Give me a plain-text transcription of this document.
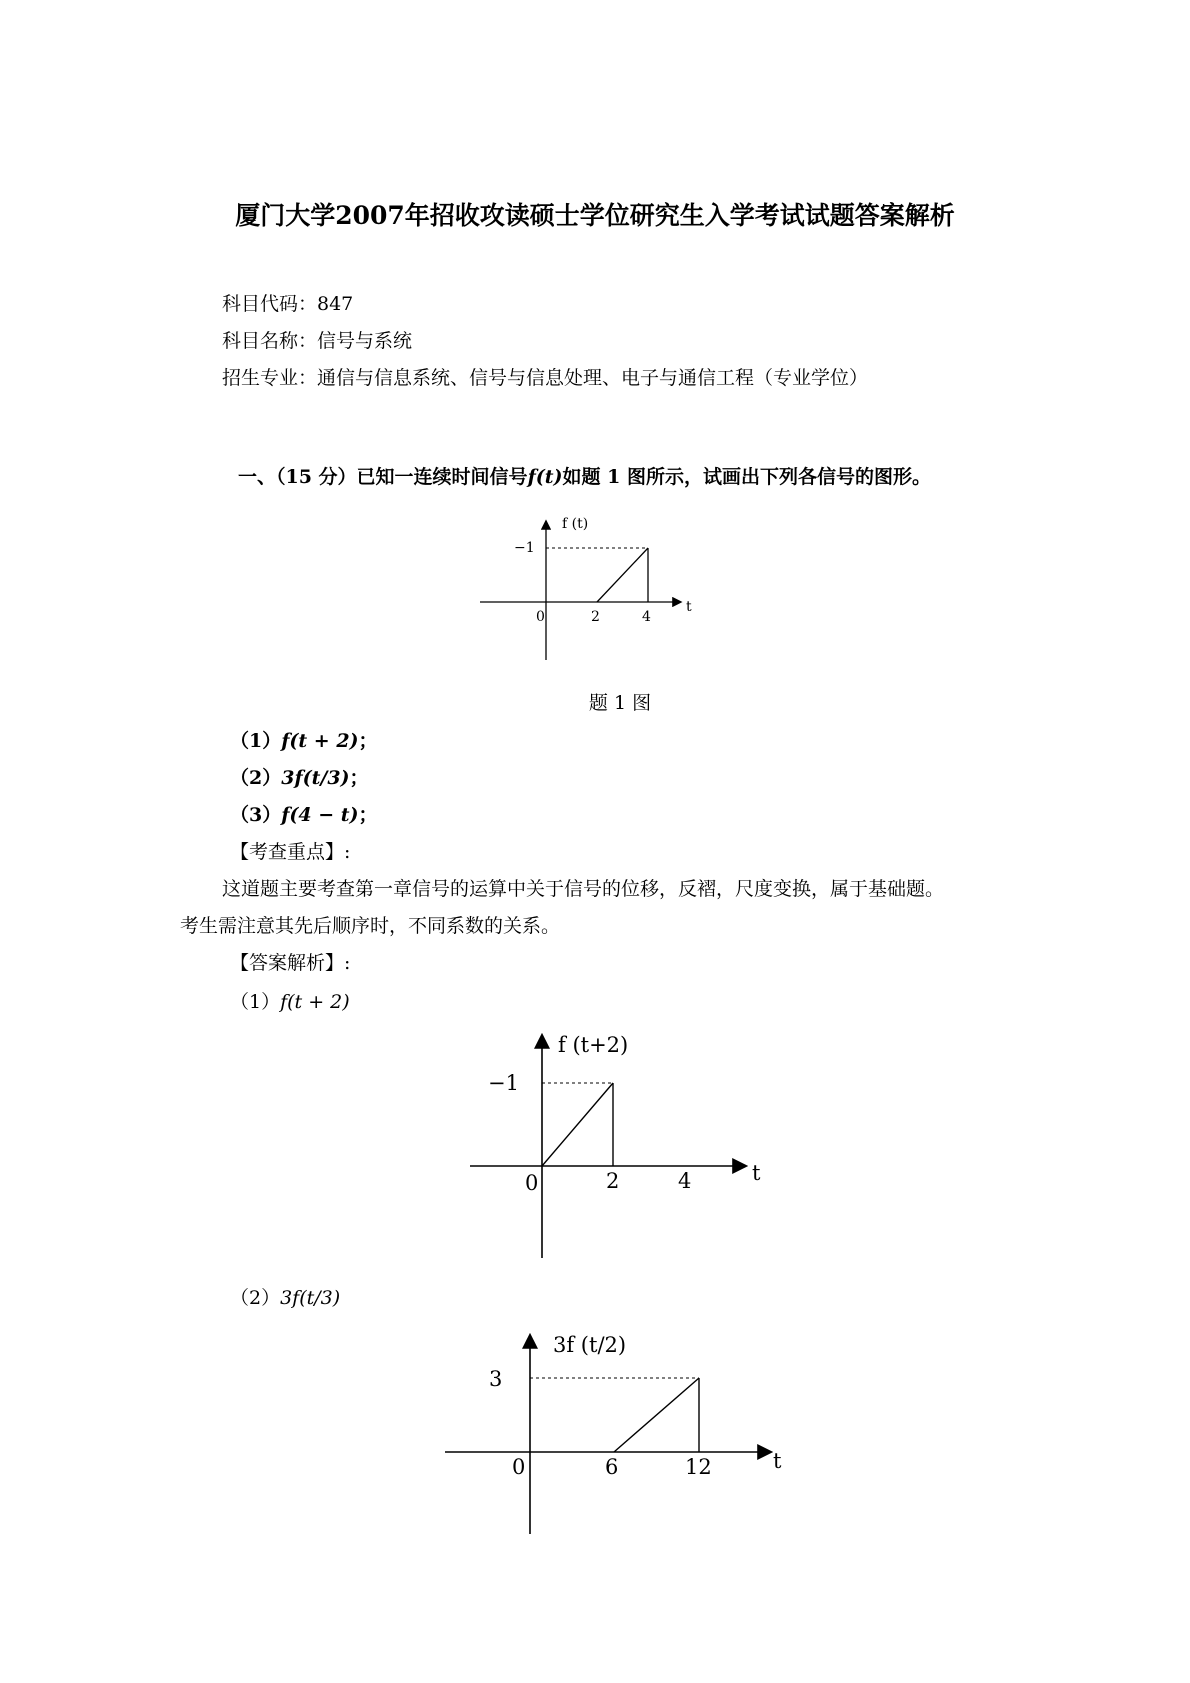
厦门大学2007年招收攻读硕士学位研究生入学考试试题答案解析
科目代码：847
科目名称：信号与系统
招生专业：通信与信息系统、信号与信息处理、电子与通信工程（专业学位）
一、（15 分）已知一连续时间信号f(t)如题 1 图所示，试画出下列各信号的图形。
f (t)
−1
0	2	4
t
题 1 图
（1）f(t + 2)；
（2）3f(t/3)；
（3）f(4 − t)；
【考查重点】:
这道题主要考查第一章信号的运算中关于信号的位移，反褶，尺度变换，属于基础题。
考生需注意其先后顺序时，不同系数的关系。
【答案解析】:
（1）f(t + 2)
f (t+2)
−1
0	2	4	t
（2）3f(t/3)
3f (t/2)
3
0	6	12	t
